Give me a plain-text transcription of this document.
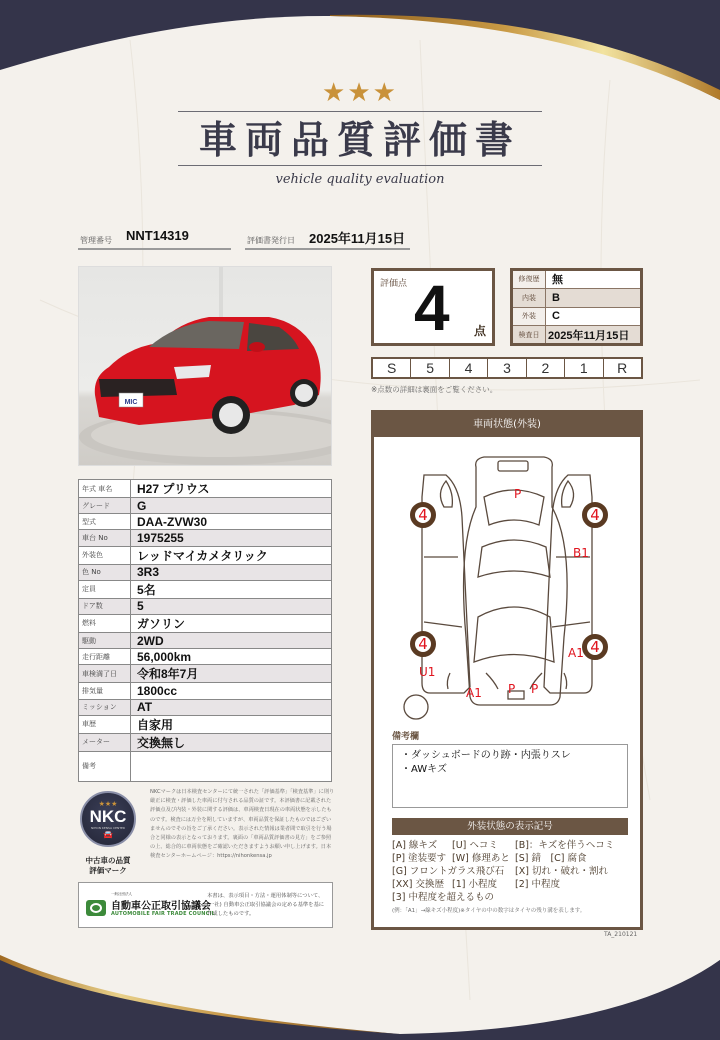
★★★
車両品質評価書
vehicle quality evaluation
管理番号 NNT14319	評価書発行日 2025年11月15日
MIC
年式 車名	H27 プリウス
グレード	G
型式	DAA-ZVW30
車台 No	1975255
外装色	レッドマイカメタリック
色 No	3R3
定員	5名
ドア数	5
燃料	ガソリン
駆動	2WD
走行距離	56,000km
車検満了日	令和8年7月
排気量	1800cc
ミッション	AT
車歴	自家用
メーター	交換無し
備考	
評価点 4 点
修復歴	無
内装	B
外装	C
検査日	2025年11月15日
S	5	4	3	2	1	R
※点数の詳細は裏面をご覧ください。
車両状態(外装)
4	4
4	4
P
B1
A1
U1
A1 P P
備考欄
・ダッシュボードのり跡・内張りスレ
・AWキズ
外装状態の表示記号
[A] 線キズ	[U] ヘコミ	[B]：キズを伴うヘコミ
[P] 塗装要す [W] 修理あと [S] 錆　[C] 腐食
[G] フロントガラス飛び石	[X] 切れ・破れ・割れ
[XX] 交換歴 [1] 小程度	[2] 中程度
[3] 中程度を超えるもの
(例：「A1」→線キズ小程度)※タイヤの中の数字はタイヤの残り溝を表します。
★★★
NKC
NIHON KENSA CENTER
🚘
中古車の品質
評価マーク
NKCマークは日本検査センターにて統一された「評価基準」「検査基準」に則り厳正に検査・評価した車両に付与される品質の証です。本評価書に記載された評価点及び内装・外装に関する評価は、車両検査日現在の車両状態を示したものです。検査には万全を期していますが、車両品質を保証したものではございませんのでその旨をご了承ください。表示された情報は業者間で取引を行う場合と同様の表示となっております。裏面の「車両品質評価書の見方」をご参照の上、総合的に車両状態をご確認いただきますようお願い申し上げます。日本検査センターホームページ：https://nihonkensa.jp
一般社団法人
自動車公正取引協議会
AUTOMOBILE FAIR TRADE COUNCIL
本書は、表示項目・方法・運用体制等について、(一社) 自動車公正取引協議会の定める基準を基に作成したものです。
TA_210121
